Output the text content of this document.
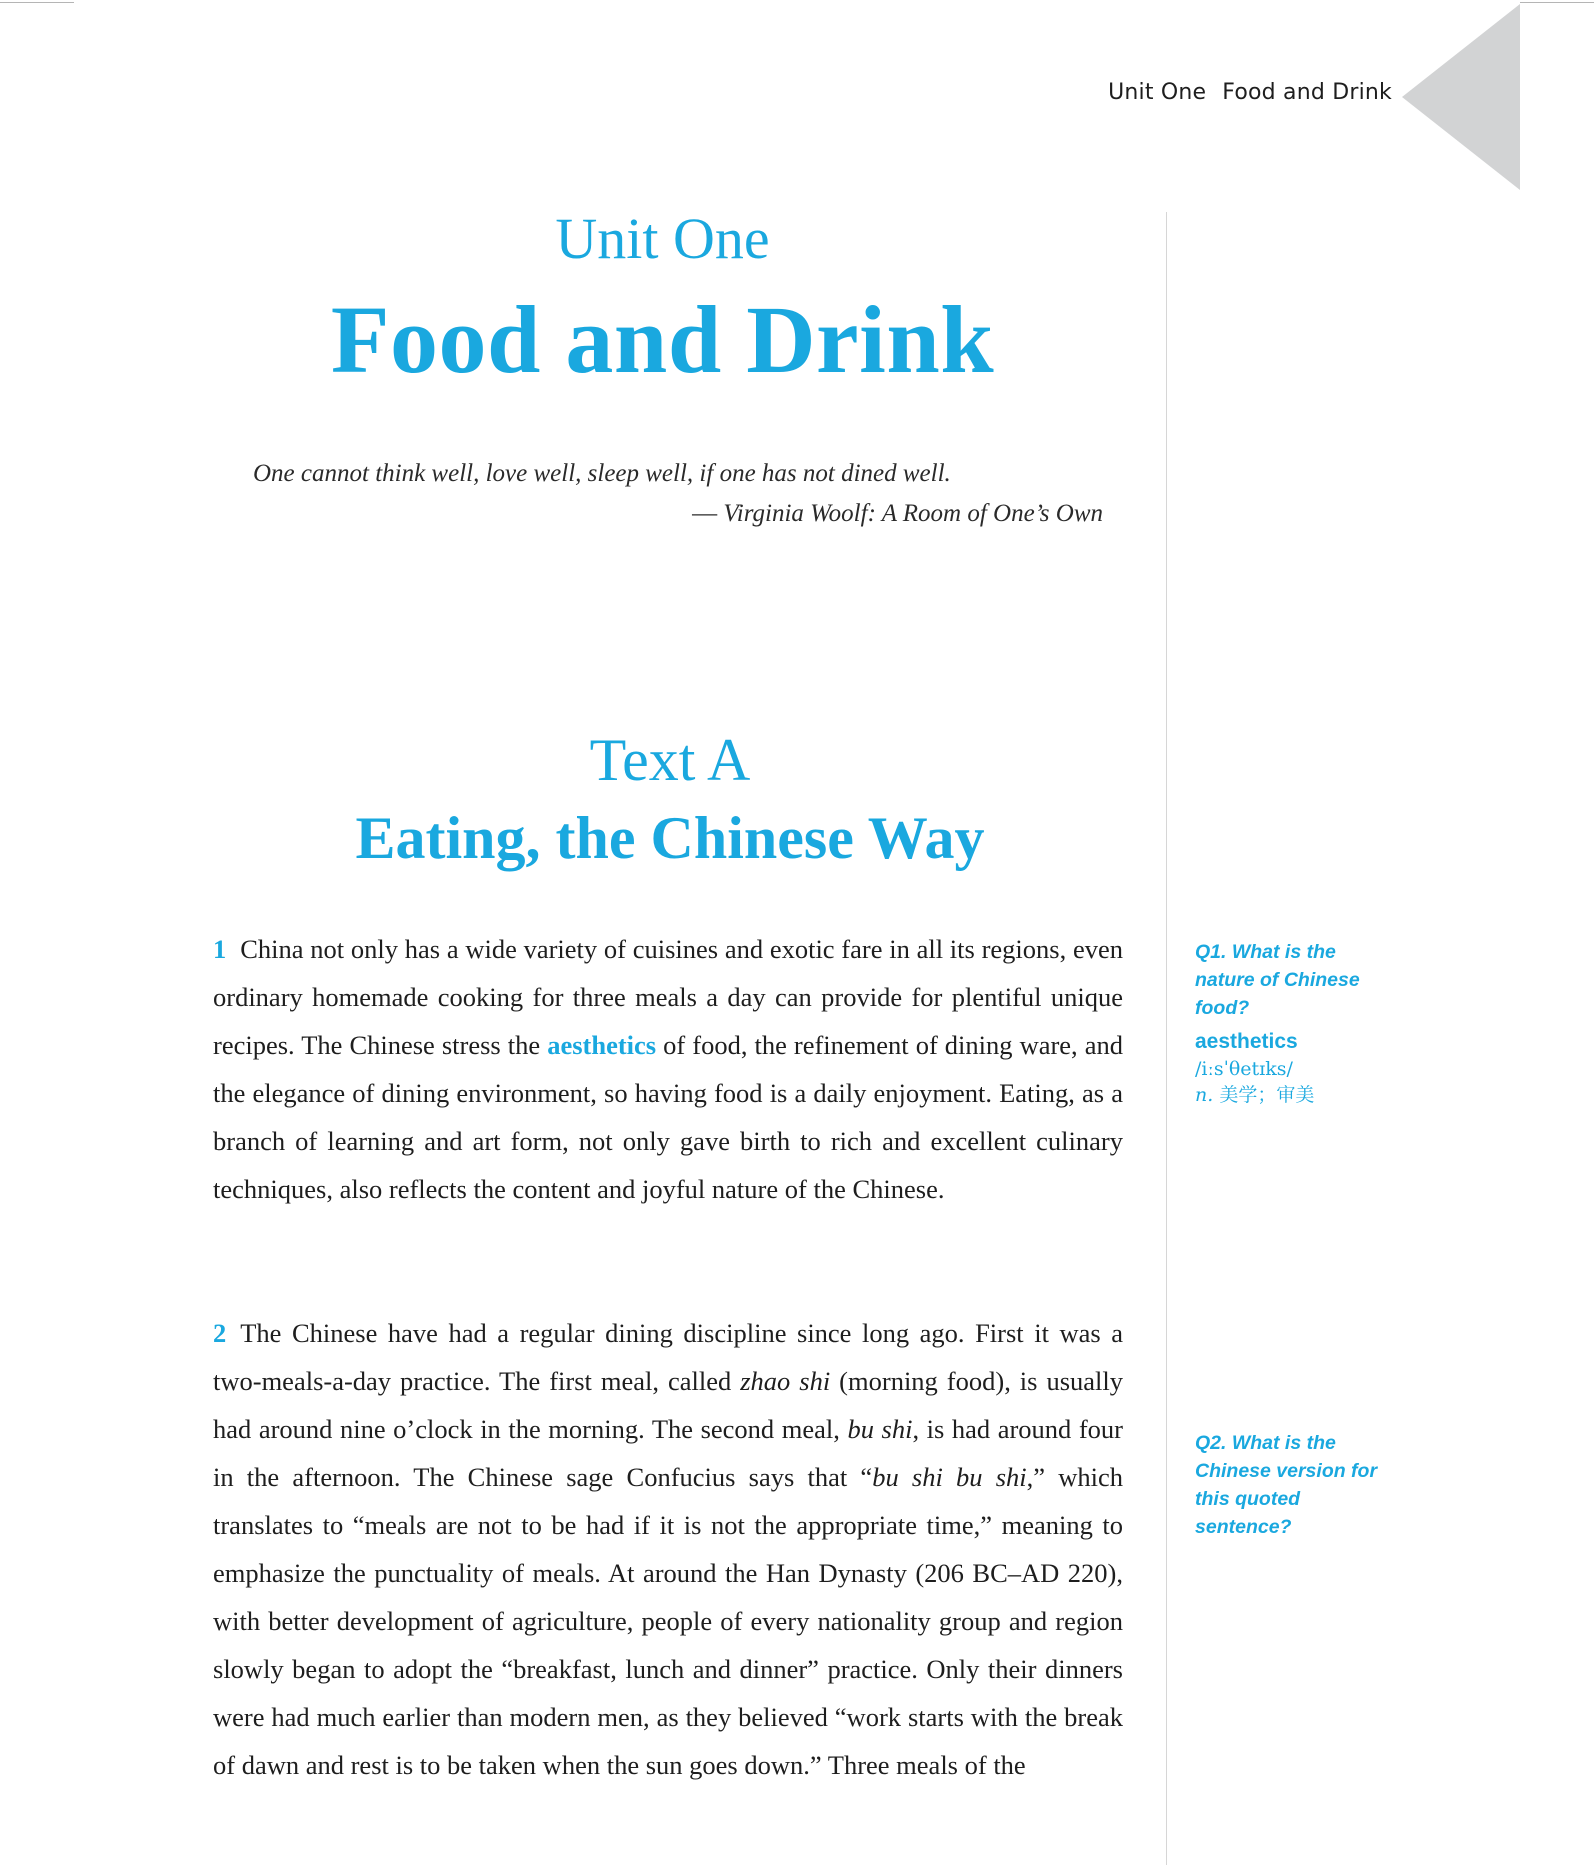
Unit One Food and Drink
Unit One
Food and Drink
One cannot think well, love well, sleep well, if one has not dined well.
— Virginia Woolf: A Room of One’s Own
Text A
Eating, the Chinese Way
1 China not only has a wide variety of cuisines and exotic fare in all its regions, even ordinary homemade cooking for three meals a day can provide for plentiful unique recipes. The Chinese stress the aesthetics of food, the refinement of dining ware, and the elegance of dining environment, so having food is a daily enjoyment. Eating, as a branch of learning and art form, not only gave birth to rich and excellent culinary techniques, also reflects the content and joyful nature of the Chinese.
2 The Chinese have had a regular dining discipline since long ago. First it was a two-meals-a-day practice. The first meal, called zhao shi (morning food), is usually had around nine o’clock in the morning. The second meal, bu shi, is had around four in the afternoon. The Chinese sage Confucius says that “bu shi bu shi,” which translates to “meals are not to be had if it is not the appropriate time,” meaning to emphasize the punctuality of meals. At around the Han Dynasty (206 BC–AD 220), with better development of agriculture, people of every nationality group and region slowly began to adopt the “breakfast, lunch and dinner” practice. Only their dinners were had much earlier than modern men, as they believed “work starts with the break of dawn and rest is to be taken when the sun goes down.” Three meals of the
Q1. What is the nature of Chinese food?
aesthetics
/iːsˈθetɪks/
n. 美学；审美
Q2. What is the Chinese version for this quoted sentence?
